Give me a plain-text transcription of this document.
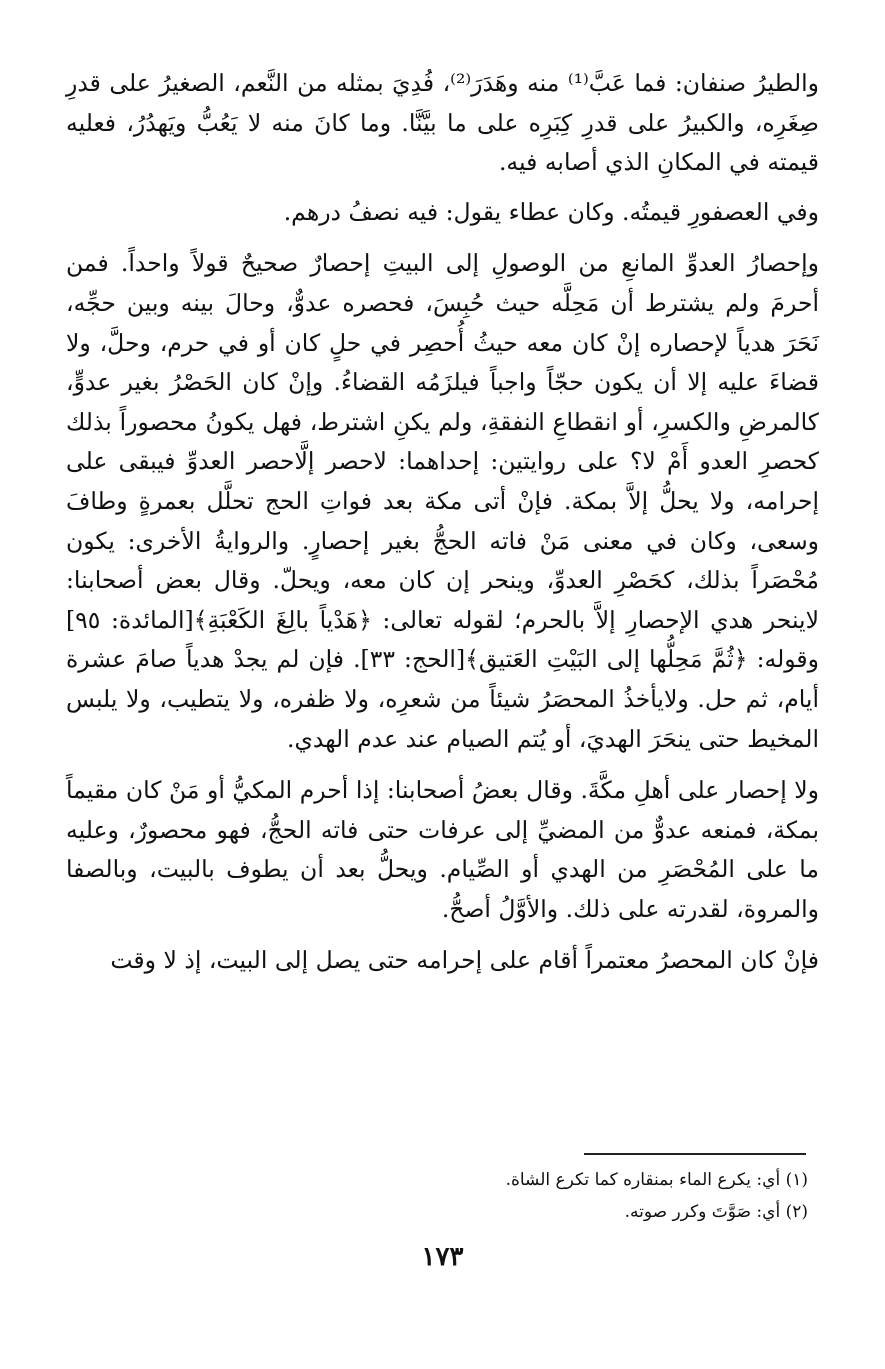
والطيرُ صنفان: فما عَبَّ⁽¹⁾ منه وهَدَرَ⁽²⁾، فُدِيَ بمثله من النَّعم، الصغيرُ على قدرِ صِغَرِه، والكبيرُ على قدرِ كِبَرِه على ما بيَّنَّا. وما كانَ منه لا يَعُبُّ ويَهدُرُ، فعليه قيمته في المكانِ الذي أصابه فيه.

وفي العصفورِ قيمتُه. وكان عطاء يقول: فيه نصفُ درهم.

وإحصارُ العدوِّ المانعِ من الوصولِ إلى البيتِ إحصارٌ صحيحٌ قولاً واحداً. فمن أحرمَ ولم يشترط أن مَحِلَّه حيث حُبِسَ، فحصره عدوٌّ، وحالَ بينه وبين حجِّه، نَحَرَ هدياً لإحصاره إنْ كان معه حيثُ أُحصِر في حلٍ كان أو في حرم، وحلَّ، ولا قضاءَ عليه إلا أن يكون حجّاً واجباً فيلزَمُه القضاءُ. وإنْ كان الحَصْرُ بغير عدوٍّ، كالمرضِ والكسرِ، أو انقطاعِ النفقةِ، ولم يكنِ اشترط، فهل يكونُ محصوراً بذلك كحصرِ العدو أَمْ لا؟ على روايتين: إحداهما: لاحصر إلَّاحصر العدوِّ فيبقى على إحرامه، ولا يحلُّ إلاَّ بمكة. فإنْ أتى مكة بعد فواتِ الحج تحلَّل بعمرةٍ وطافَ وسعى، وكان في معنى مَنْ فاته الحجُّ بغير إحصارٍ. والروايةُ الأخرى: يكون مُحْصَراً بذلك، كحَصْرِ العدوِّ، وينحر إن كان معه، ويحلّ. وقال بعض أصحابنا: لاينحر هدي الإحصارِ إلاَّ بالحرم؛ لقوله تعالى: ﴿هَدْياً بالِغَ الكَعْبَةِ﴾[المائدة: ٩٥] وقوله: ﴿ثُمَّ مَحِلُّها إلى البَيْتِ العَتيق﴾[الحج: ٣٣]. فإن لم يجدْ هدياً صامَ عشرة أيام، ثم حل. ولايأخذُ المحصَرُ شيئاً من شعرِه، ولا ظفره، ولا يتطيب، ولا يلبس المخيط حتى ينحَرَ الهديَ، أو يُتم الصيام عند عدم الهدي.

ولا إحصار على أهلِ مكَّةَ. وقال بعضُ أصحابنا: إذا أحرم المكيُّ أو مَنْ كان مقيماً بمكة، فمنعه عدوٌّ من المضيِّ إلى عرفات حتى فاته الحجُّ، فهو محصورٌ، وعليه ما على المُحْصَرِ من الهدي أو الصِّيام. ويحلُّ بعد أن يطوف بالبيت، وبالصفا والمروة، لقدرته على ذلك. والأوَّلُ أصحُّ.

فإنْ كان المحصرُ معتمراً أقام على إحرامه حتى يصل إلى البيت، إذ لا وقت

(١) أي: يكرع الماء بمنقاره كما تكرع الشاة.

(٢) أي: صَوَّتَ وكرر صوته.

١٧٣
